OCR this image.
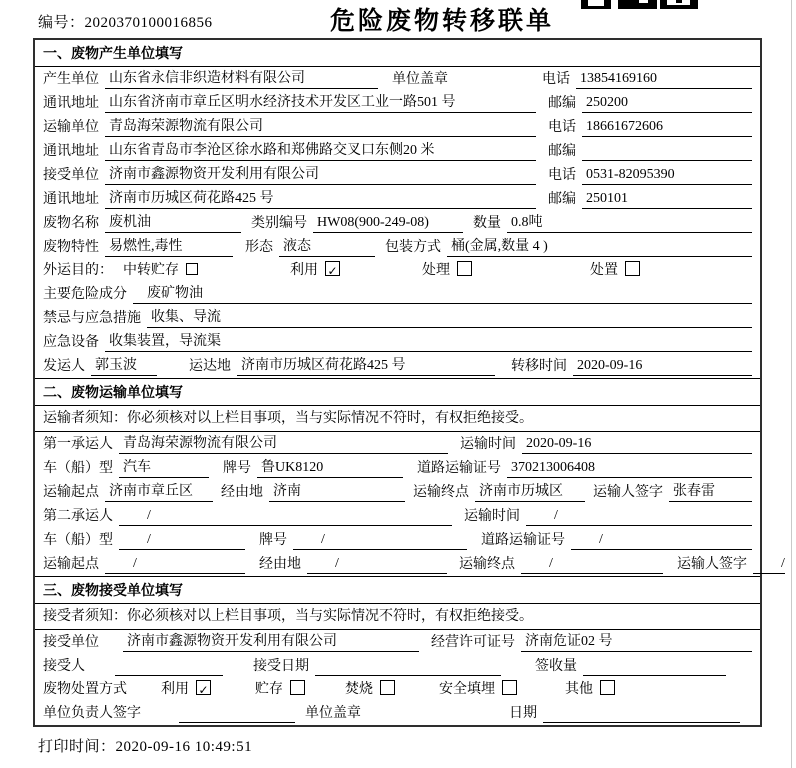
编号：2020370100016856	危险废物转移联单
一、废物产生单位填写
产生单位 山东省永信非织造材料有限公司	单位盖章	电话 13854169160
通讯地址 山东省济南市章丘区明水经济技术开发区工业一路501 号	邮编 250200
运输单位 青岛海荣源物流有限公司	电话 18661672606
通讯地址 山东省青岛市李沧区徐水路和郑佛路交叉口东侧20 米	邮编
接受单位 济南市鑫源物资开发利用有限公司	电话 0531-82095390
通讯地址 济南市历城区荷花路425 号	邮编 250101
废物名称 废机油	类别编号 HW08(900-249-08)	数量 0.8吨
废物特性 易燃性,毒性	形态 液态	包装方式 桶(金属,数量 4 )
外运目的： 中转贮存	利用 ✓	处理	处置
主要危险成分	废矿物油
禁忌与应急措施 收集、导流
应急设备 收集装置，导流渠
发运人 郭玉波	运达地 济南市历城区荷花路425 号	转移时间 2020-09-16
二、废物运输单位填写
运输者须知：你必须核对以上栏目事项，当与实际情况不符时，有权拒绝接受。
第一承运人 青岛海荣源物流有限公司	运输时间 2020-09-16
车（船）型 汽车	牌号 鲁UK8120	道路运输证号 370213006408
运输起点 济南市章丘区	经由地 济南	运输终点 济南市历城区	运输人签字 张春雷
第二承运人	/	运输时间	/
车（船）型	/	牌号	/	道路运输证号	/
运输起点	/	经由地	/	运输终点	/	运输人签字	/
三、废物接受单位填写
接受者须知：你必须核对以上栏目事项，当与实际情况不符时，有权拒绝接受。
接受单位 济南市鑫源物资开发利用有限公司	经营许可证号 济南危证02 号
接受人	接受日期	签收量
废物处置方式 利用 ✓	贮存	焚烧	安全填埋	其他
单位负责人签字	单位盖章	日期
打印时间：2020-09-16 10:49:51
